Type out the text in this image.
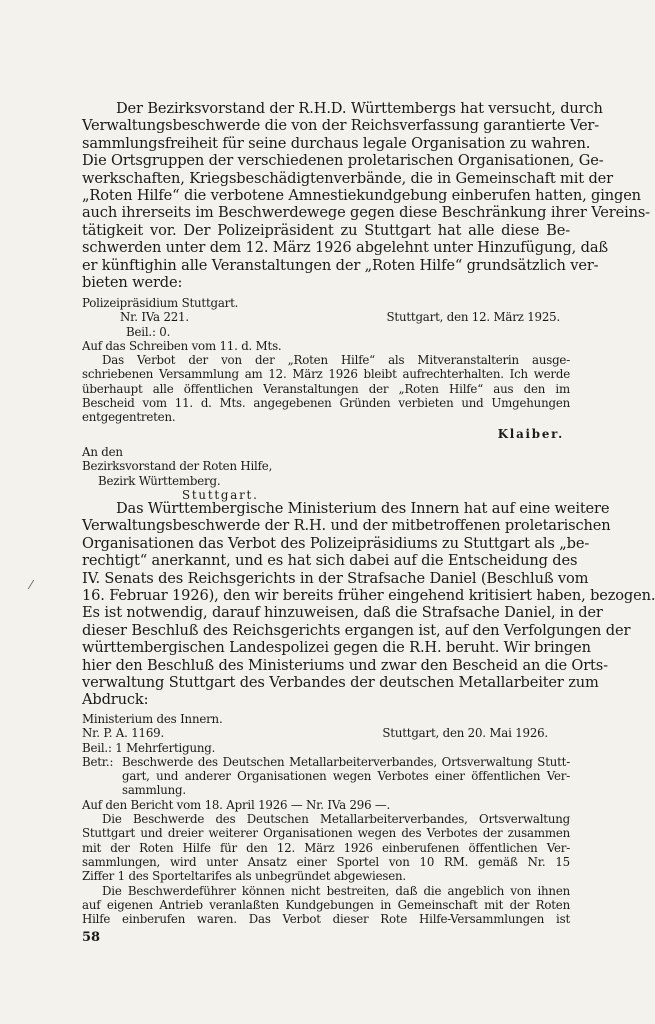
Der Bezirksvorstand der R.H.D. Württembergs hat versucht, durch
Verwaltungsbeschwerde die von der Reichsverfassung garantierte Ver-
sammlungsfreiheit für seine durchaus legale Organisation zu wahren.
Die Ortsgruppen der verschiedenen proletarischen Organisationen, Ge-
werkschaften, Kriegsbeschädigtenverbände, die in Gemeinschaft mit der
„Roten Hilfe“ die verbotene Amnestiekundgebung einberufen hatten, gingen
auch ihrerseits im Beschwerdewege gegen diese Beschränkung ihrer Vereins-
tätigkeit vor. Der Polizeipräsident zu Stuttgart hat alle diese Be-
schwerden unter dem 12. März 1926 abgelehnt unter Hinzufügung, daß
er künftighin alle Veranstaltungen der „Roten Hilfe“ grundsätzlich ver-
bieten werde:
Polizeipräsidium Stuttgart.
Nr. IVa 221.	Stuttgart, den 12. März 1925.
Beil.: 0.
Auf das Schreiben vom 11. d. Mts.
Das Verbot der von der „Roten Hilfe“ als Mitveranstalterin ausge-
schriebenen Versammlung am 12. März 1926 bleibt aufrechterhalten. Ich werde
überhaupt alle öffentlichen Veranstaltungen der „Roten Hilfe“ aus den im
Bescheid vom 11. d. Mts. angegebenen Gründen verbieten und Umgehungen
entgegentreten.
Klaiber.
An den
Bezirksvorstand der Roten Hilfe,
Bezirk Württemberg.
Stuttgart.
Das Württembergische Ministerium des Innern hat auf eine weitere
Verwaltungsbeschwerde der R.H. und der mitbetroffenen proletarischen
Organisationen das Verbot des Polizeipräsidiums zu Stuttgart als „be-
rechtigt“ anerkannt, und es hat sich dabei auf die Entscheidung des
IV. Senats des Reichsgerichts in der Strafsache Daniel (Beschluß vom
16. Februar 1926), den wir bereits früher eingehend kritisiert haben, bezogen.
Es ist notwendig, darauf hinzuweisen, daß die Strafsache Daniel, in der
dieser Beschluß des Reichsgerichts ergangen ist, auf den Verfolgungen der
württembergischen Landespolizei gegen die R.H. beruht. Wir bringen
hier den Beschluß des Ministeriums und zwar den Bescheid an die Orts-
verwaltung Stuttgart des Verbandes der deutschen Metallarbeiter zum
Abdruck:
Ministerium des Innern.
Nr. P. A. 1169.	Stuttgart, den 20. Mai 1926.
Beil.: 1 Mehrfertigung.
Betr.: Beschwerde des Deutschen Metallarbeiterverbandes, Ortsverwaltung Stutt-
gart, und anderer Organisationen wegen Verbotes einer öffentlichen Ver-
sammlung.
Auf den Bericht vom 18. April 1926 — Nr. IVa 296 —.
Die Beschwerde des Deutschen Metallarbeiterverbandes, Ortsverwaltung
Stuttgart und dreier weiterer Organisationen wegen des Verbotes der zusammen
mit der Roten Hilfe für den 12. März 1926 einberufenen öffentlichen Ver-
sammlungen, wird unter Ansatz einer Sportel von 10 RM. gemäß Nr. 15
Ziffer 1 des Sporteltarifes als unbegründet abgewiesen.
Die Beschwerdeführer können nicht bestreiten, daß die angeblich von ihnen
auf eigenen Antrieb veranlaßten Kundgebungen in Gemeinschaft mit der Roten
Hilfe einberufen waren. Das Verbot dieser Rote Hilfe-Versammlungen ist
⁄
58
